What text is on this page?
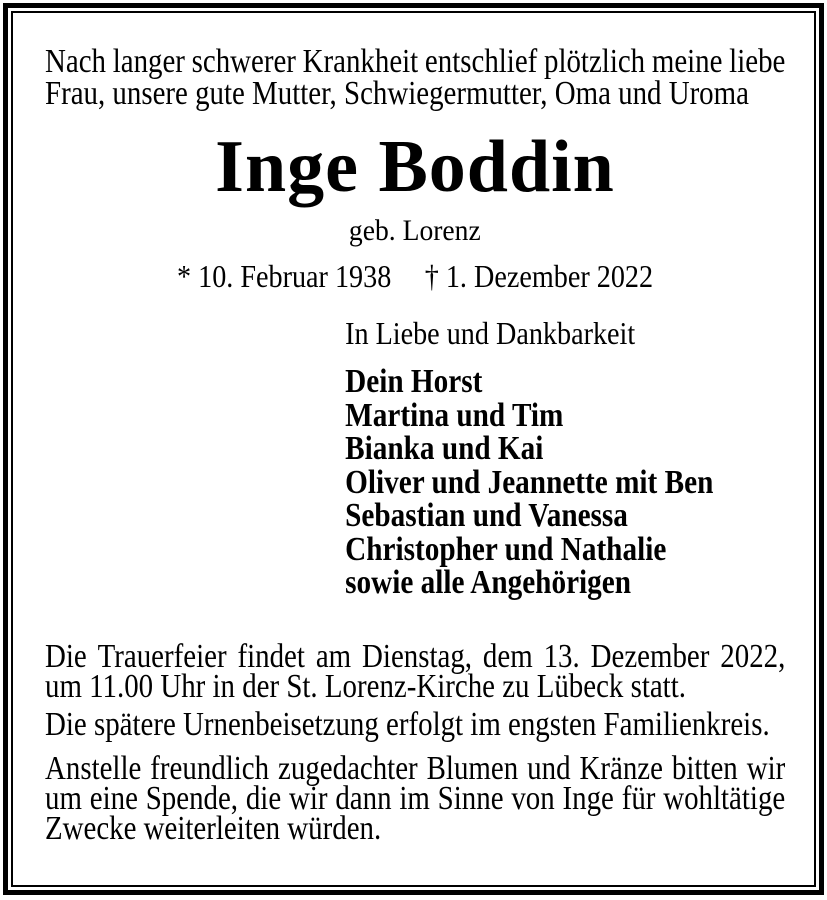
Nach langer schwerer Krankheit entschlief plötzlich meine liebe
Frau, unsere gute Mutter, Schwiegermutter, Oma und Uroma
Inge Boddin
geb. Lorenz
* 10. Februar 1938 † 1. Dezember 2022
In Liebe und Dankbarkeit
Dein Horst
Martina und Tim
Bianka und Kai
Oliver und Jeannette mit Ben
Sebastian und Vanessa
Christopher und Nathalie
sowie alle Angehörigen
Die Trauerfeier findet am Dienstag, dem 13. Dezember 2022,
um 11.00 Uhr in der St. Lorenz-Kirche zu Lübeck statt.
Die spätere Urnenbeisetzung erfolgt im engsten Familienkreis.
Anstelle freundlich zugedachter Blumen und Kränze bitten wir
um eine Spende, die wir dann im Sinne von Inge für wohltätige
Zwecke weiterleiten würden.
